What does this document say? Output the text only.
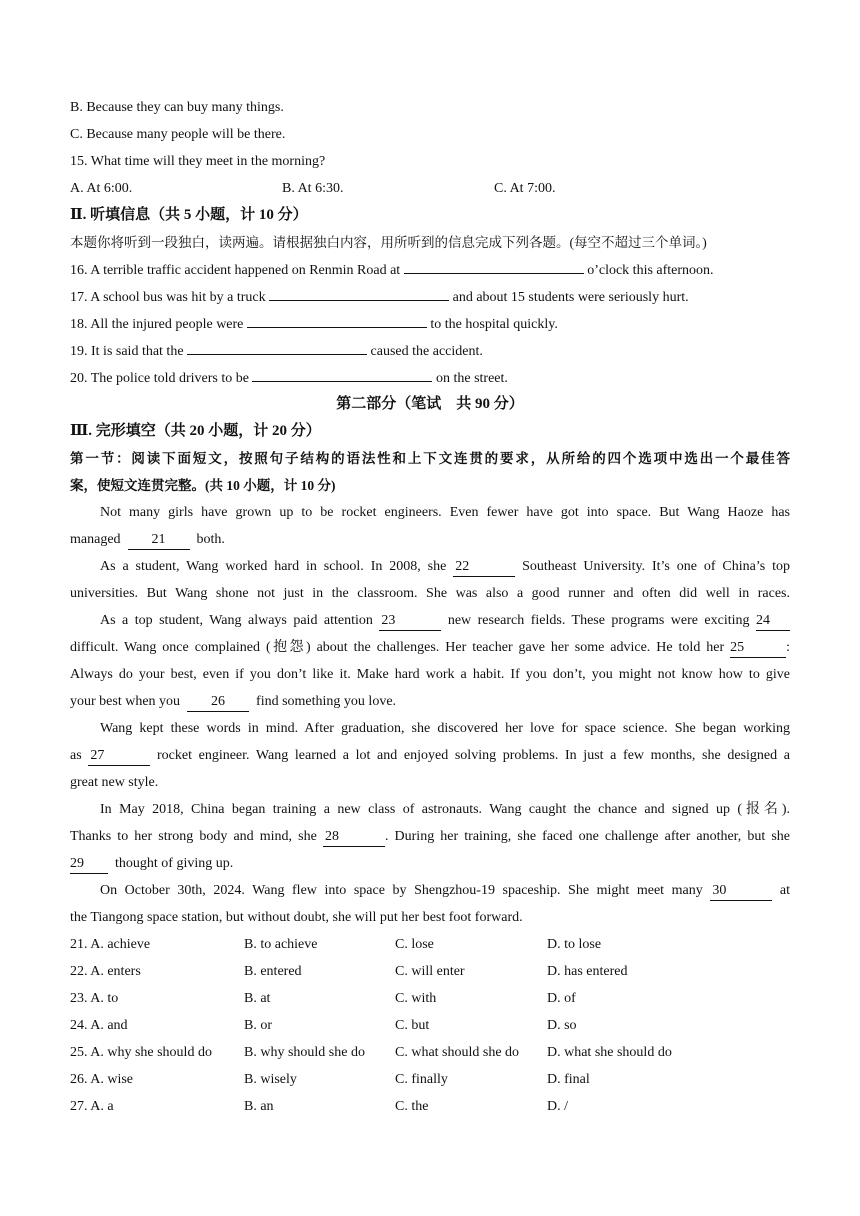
B. Because they can buy many things.
C. Because many people will be there.
15. What time will they meet in the morning?
A. At 6:00.	B. At 6:30.	C. At 7:00.
Ⅱ. 听填信息（共 5 小题，计 10 分）
本题你将听到一段独白，读两遍。请根据独白内容，用所听到的信息完成下列各题。(每空不超过三个单词。)
16. A terrible traffic accident happened on Renmin Road at	o’clock this afternoon.
17. A school bus was hit by a truck	and about 15 students were seriously hurt.
18. All the injured people were	to the hospital quickly.
19. It is said that the	caused the accident.
20. The police told drivers to be	on the street.
第二部分（笔试　共 90 分）
Ⅲ. 完形填空（共 20 小题，计 20 分）
第一节：阅读下面短文，按照句子结构的语法性和上下文连贯的要求，从所给的四个选项中选出一个最佳答
案，使短文连贯完整。(共 10 小题，计 10 分)
Not many girls have grown up to be rocket engineers. Even fewer have got into space. But Wang Haoze has
managed 21 both.
As a student, Wang worked hard in school. In 2008, she 22	Southeast University. It’s one of China’s top
universities. But Wang shone not just in the classroom. She was also a good runner and often did well in races.
As a top student, Wang always paid attention 23	new research fields. These programs were exciting 24
difficult. Wang once complained (抱怨) about the challenges. Her teacher gave her some advice. He told her 25	:
Always do your best, even if you don’t like it. Make hard work a habit. If you don’t, you might not know how to give
your best when you 26 find something you love.
Wang kept these words in mind. After graduation, she discovered her love for space science. She began working
as 27	rocket engineer. Wang learned a lot and enjoyed solving problems. In just a few months, she designed a
great new style.
In May 2018, China began training a new class of astronauts. Wang caught the chance and signed up (报名).
Thanks to her strong body and mind, she 28	. During her training, she faced one challenge after another, but she
29 thought of giving up.
On October 30th, 2024. Wang flew into space by Shengzhou-19 spaceship. She might meet many 30	at
the Tiangong space station, but without doubt, she will put her best foot forward.
21. A. achieve	B. to achieve	C. lose	D. to lose
22. A. enters	B. entered	C. will enter	D. has entered
23. A. to	B. at	C. with	D. of
24. A. and	B. or	C. but	D. so
25. A. why she should do	B. why should she do	C. what should she do	D. what she should do
26. A. wise	B. wisely	C. finally	D. final
27. A. a	B. an	C. the	D. /
